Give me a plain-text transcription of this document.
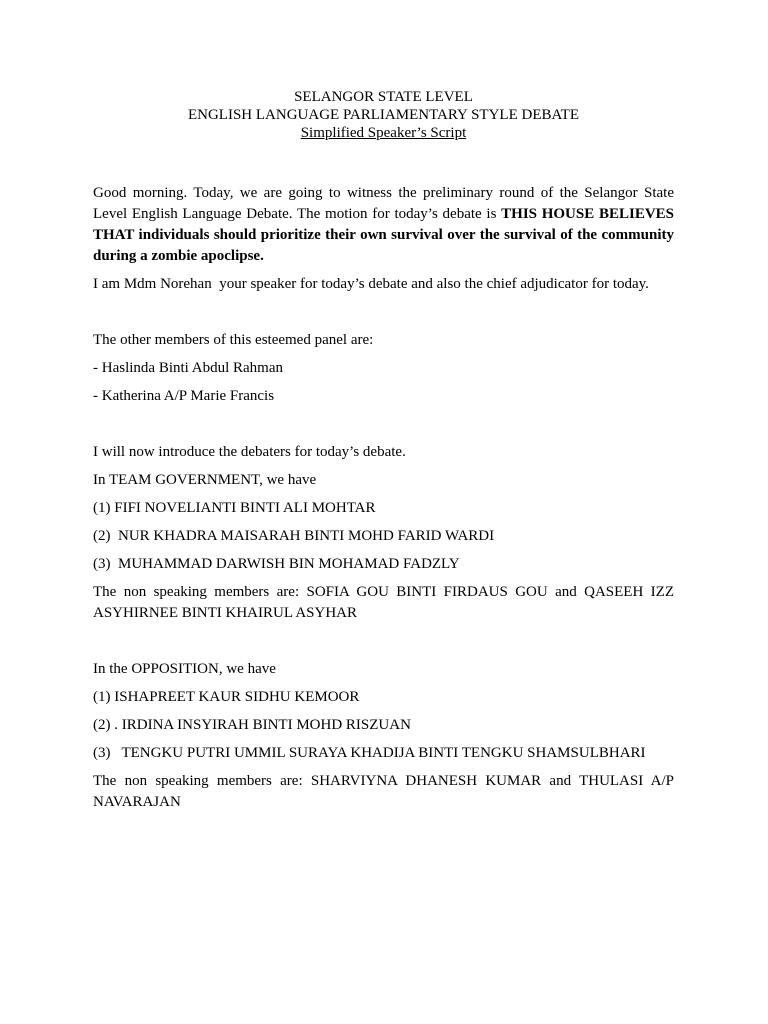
SELANGOR STATE LEVEL
ENGLISH LANGUAGE PARLIAMENTARY STYLE DEBATE
Simplified Speaker’s Script

Good morning. Today, we are going to witness the preliminary round of the Selangor State Level English Language Debate. The motion for today’s debate is THIS HOUSE BELIEVES THAT individuals should prioritize their own survival over the survival of the community during a zombie apoclipse.

I am Mdm Norehan  your speaker for today’s debate and also the chief adjudicator for today.

The other members of this esteemed panel are:

- Haslinda Binti Abdul Rahman

- Katherina A/P Marie Francis

I will now introduce the debaters for today’s debate.

In TEAM GOVERNMENT, we have

(1) FIFI NOVELIANTI BINTI ALI MOHTAR

(2)  NUR KHADRA MAISARAH BINTI MOHD FARID WARDI

(3)  MUHAMMAD DARWISH BIN MOHAMAD FADZLY

The non speaking members are: SOFIA GOU BINTI FIRDAUS GOU and QASEEH IZZ ASYHIRNEE BINTI KHAIRUL ASYHAR

In the OPPOSITION, we have

(1) ISHAPREET KAUR SIDHU KEMOOR

(2) . IRDINA INSYIRAH BINTI MOHD RISZUAN

(3)   TENGKU PUTRI UMMIL SURAYA KHADIJA BINTI TENGKU SHAMSULBHARI

The non speaking members are: SHARVIYNA DHANESH KUMAR and THULASI A/P NAVARAJAN
